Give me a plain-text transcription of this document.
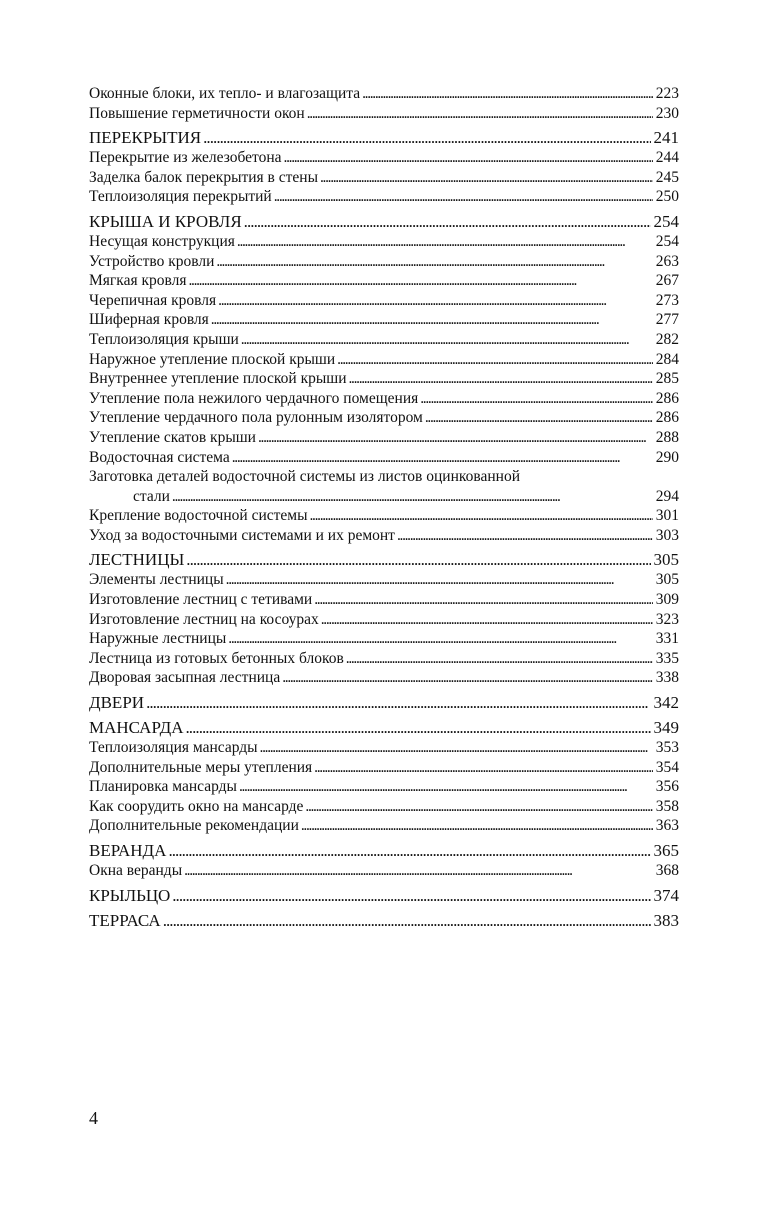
Оконные блоки, их тепло- и влагозащита . . .	223
Повышение герметичности окон . . .	230
ПЕРЕКРЫТИЯ . . .	241
Перекрытие из железобетона . . .	244
Заделка балок перекрытия в стены . . .	245
Теплоизоляция перекрытий . . .	250
КРЫША И КРОВЛЯ . . .	254
Несущая конструкция . . .	254
Устройство кровли . . .	263
Мягкая кровля . . .	267
Черепичная кровля . . .	273
Шиферная кровля . . .	277
Теплоизоляция крыши . . .	282
Наружное утепление плоской крыши . . .	284
Внутреннее утепление плоской крыши . . .	285
Утепление пола нежилого чердачного помещения . . .	286
Утепление чердачного пола рулонным изолятором . . .	286
Утепление скатов крыши . . .	288
Водосточная система . . .	290
Заготовка деталей водосточной системы из листов оцинкованной
стали . . .	294
Крепление водосточной системы . . .	301
Уход за водосточными системами и их ремонт . . .	303
ЛЕСТНИЦЫ . . .	305
Элементы лестницы . . .	305
Изготовление лестниц с тетивами . . .	309
Изготовление лестниц на косоурах . . .	323
Наружные лестницы . . .	331
Лестница из готовых бетонных блоков . . .	335
Дворовая засыпная лестница . . .	338
ДВЕРИ . . .	342
МАНСАРДА . . .	349
Теплоизоляция мансарды . . .	353
Дополнительные меры утепления . . .	354
Планировка мансарды . . .	356
Как соорудить окно на мансарде . . .	358
Дополнительные рекомендации . . .	363
ВЕРАНДА . . .	365
Окна веранды . . .	368
КРЫЛЬЦО . . .	374
ТЕРРАСА . . .	383
4
